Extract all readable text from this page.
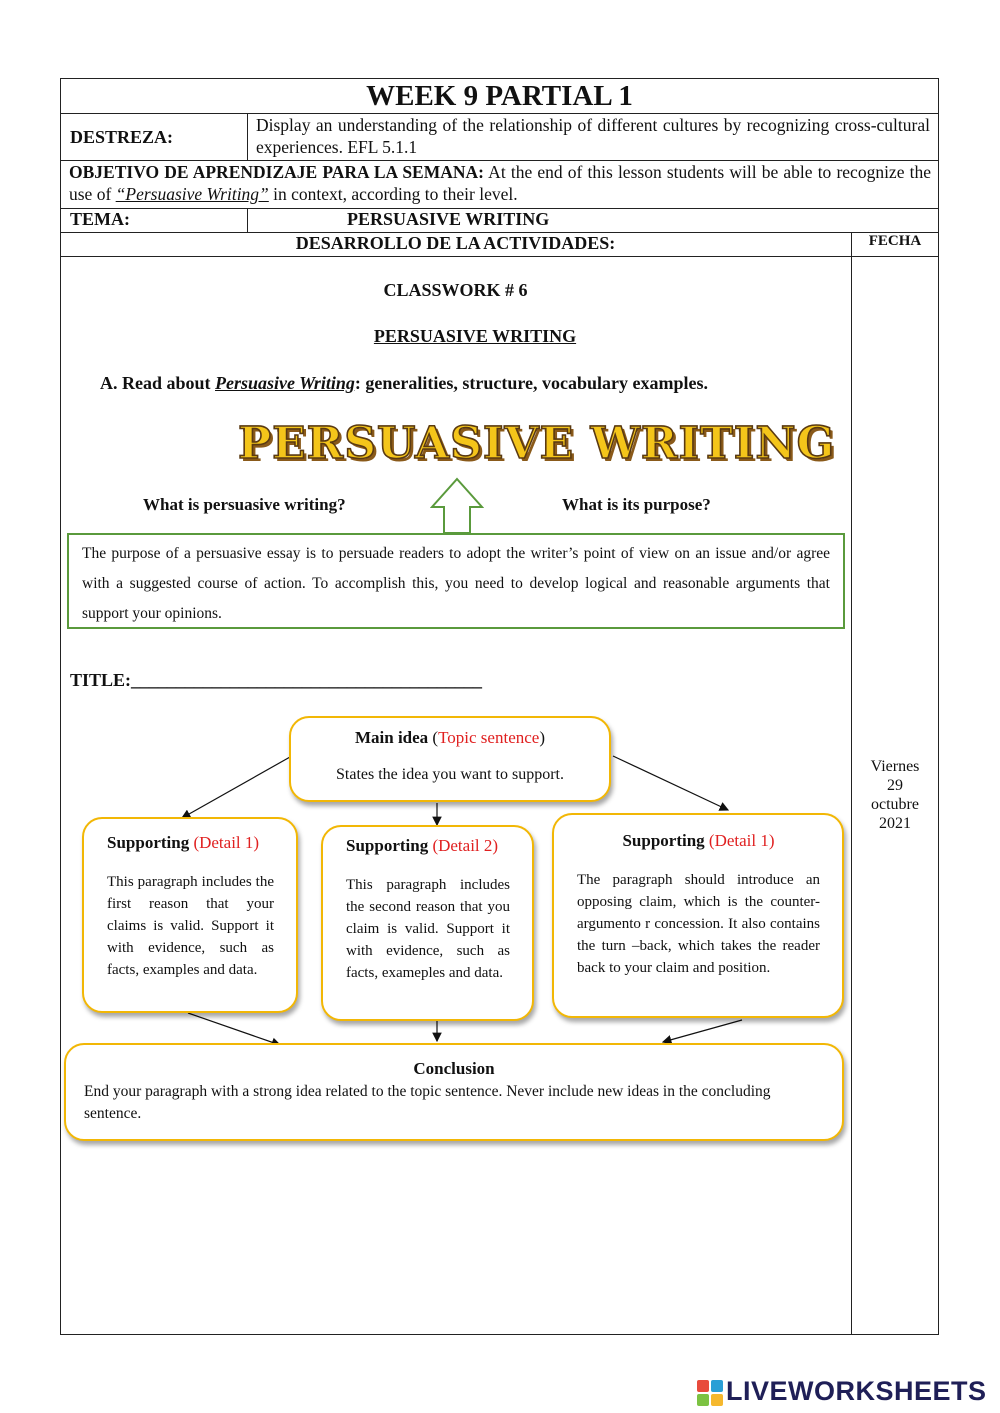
WEEK 9 PARTIAL 1
DESTREZA:
Display an understanding of the relationship of different cultures by recognizing cross-cultural experiences. EFL 5.1.1
OBJETIVO DE APRENDIZAJE PARA LA SEMANA: At the end of this lesson students will be able to recognize the use of “Persuasive Writing” in context, according to their level.
TEMA:	PERSUASIVE WRITING
DESARROLLO DE LA ACTIVIDADES:	FECHA
Viernes
29
octubre
2021
CLASSWORK # 6
PERSUASIVE WRITING
A. Read about Persuasive Writing: generalities, structure, vocabulary examples.
PERSUASIVE WRITING
What is persuasive writing?	What is its purpose?
The purpose of a persuasive essay is to persuade readers to adopt the writer’s point of view on an issue and/or agree with a suggested course of action. To accomplish this, you need to develop logical and reasonable arguments that support your opinions.
TITLE:_______________________________________
Main idea (Topic sentence)
States the idea you want to support.
Supporting (Detail 1)
This paragraph includes the first reason that your claims is valid. Support it with evidence, such as facts, examples and data.
Supporting (Detail 2)
This paragraph includes the second reason that you claim is valid. Support it with evidence, such as facts, exameples and data.
Supporting (Detail 1)
The paragraph should introduce an opposing claim, which is the counter- argumento r concession. It also contains the turn –back, which takes the reader back to your claim and position.
Conclusion
End your paragraph with a strong idea related to the topic sentence. Never include new ideas in the concluding sentence.
LIVEWORKSHEETS
